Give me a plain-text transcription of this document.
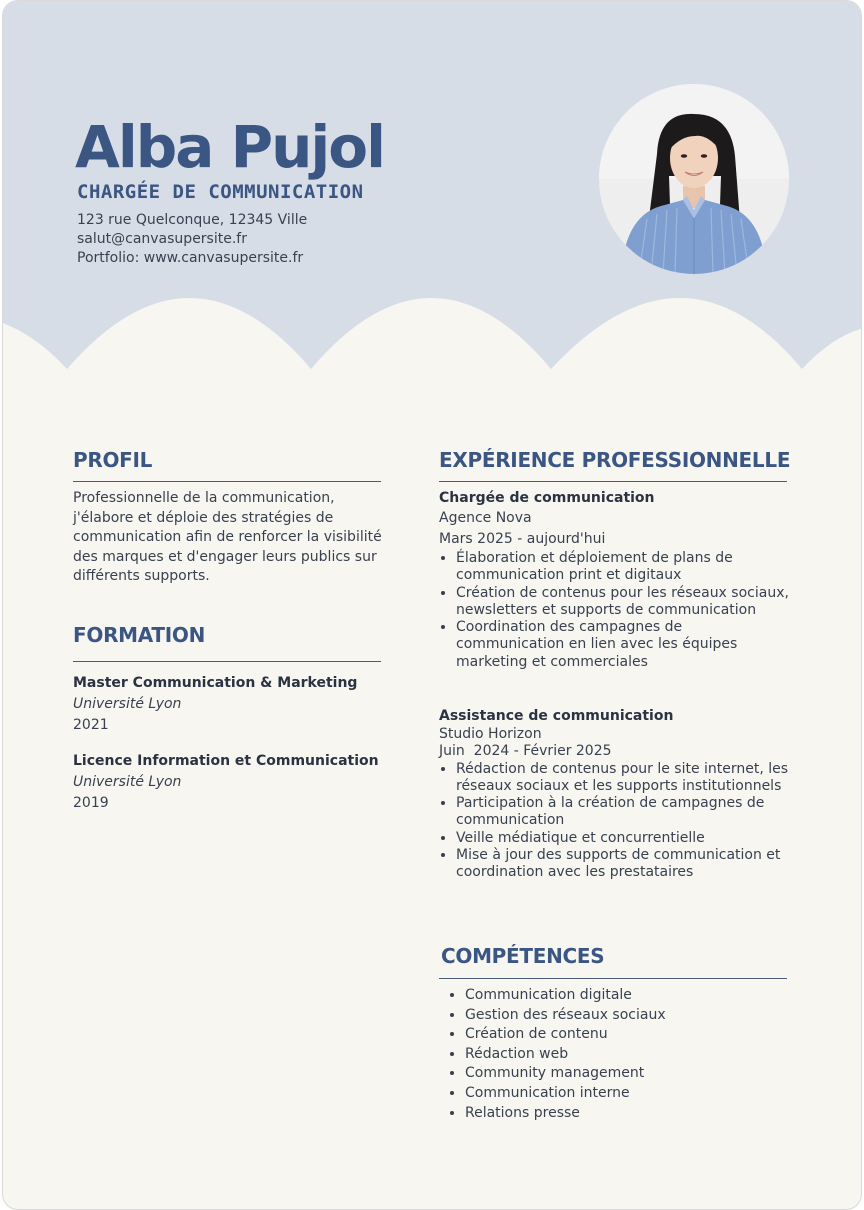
Alba Pujol
CHARGÉE DE COMMUNICATION
123 rue Quelconque, 12345 Ville
salut@canvasupersite.fr
Portfolio: www.canvasupersite.fr
PROFIL
Professionnelle de la communication, j'élabore et déploie des stratégies de communication afin de renforcer la visibilité des marques et d'engager leurs publics sur différents supports.
FORMATION
Master Communication & Marketing
Université Lyon
2021
Licence Information et Communication
Université Lyon
2019
EXPÉRIENCE PROFESSIONNELLE
Chargée de communication
Agence Nova
Mars 2025 - aujourd'hui
• Élaboration et déploiement de plans de communication print et digitaux
• Création de contenus pour les réseaux sociaux, newsletters et supports de communication
• Coordination des campagnes de communication en lien avec les équipes marketing et commerciales
Assistance de communication
Studio Horizon
Juin  2024 - Février 2025
• Rédaction de contenus pour le site internet, les réseaux sociaux et les supports institutionnels
• Participation à la création de campagnes de communication
• Veille médiatique et concurrentielle
• Mise à jour des supports de communication et coordination avec les prestataires
COMPÉTENCES
• Communication digitale
• Gestion des réseaux sociaux
• Création de contenu
• Rédaction web
• Community management
• Communication interne
• Relations presse
